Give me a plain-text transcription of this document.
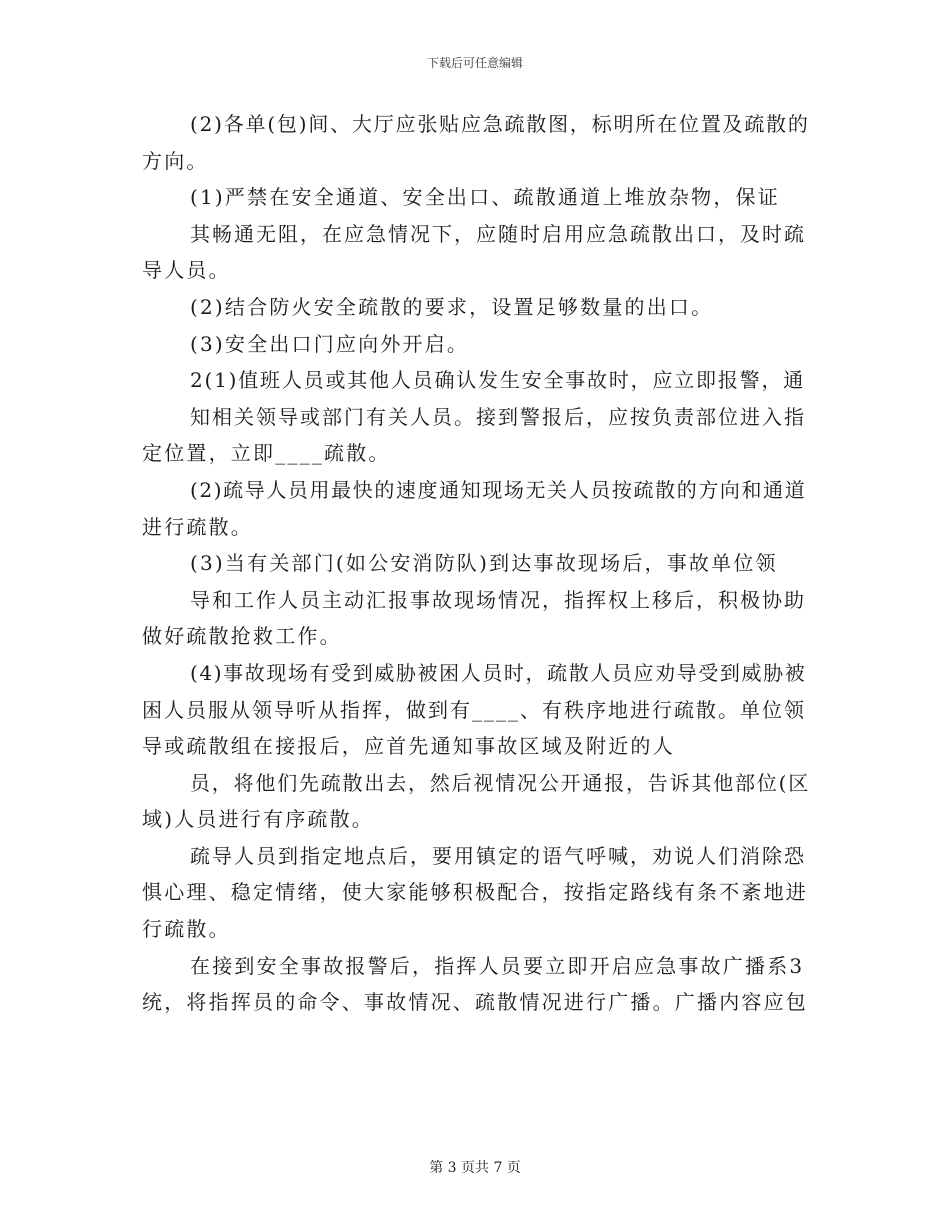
下载后可任意编辑
(2)各单(包)间、大厅应张贴应急疏散图，标明所在位置及疏散的
方向。
(1)严禁在安全通道、安全出口、疏散通道上堆放杂物，保证
其畅通无阻，在应急情况下，应随时启用应急疏散出口，及时疏
导人员。
(2)结合防火安全疏散的要求，设置足够数量的出口。
(3)安全出口门应向外开启。
2(1)值班人员或其他人员确认发生安全事故时，应立即报警，通
知相关领导或部门有关人员。接到警报后，应按负责部位进入指
定位置，立即____疏散。
(2)疏导人员用最快的速度通知现场无关人员按疏散的方向和通道
进行疏散。
(3)当有关部门(如公安消防队)到达事故现场后，事故单位领
导和工作人员主动汇报事故现场情况，指挥权上移后，积极协助
做好疏散抢救工作。
(4)事故现场有受到威胁被困人员时，疏散人员应劝导受到威胁被
困人员服从领导听从指挥，做到有____、有秩序地进行疏散。单位领
导或疏散组在接报后，应首先通知事故区域及附近的人
员，将他们先疏散出去，然后视情况公开通报，告诉其他部位(区
域)人员进行有序疏散。
疏导人员到指定地点后，要用镇定的语气呼喊，劝说人们消除恐
惧心理、稳定情绪，使大家能够积极配合，按指定路线有条不紊地进
行疏散。
在接到安全事故报警后，指挥人员要立即开启应急事故广播系3
统，将指挥员的命令、事故情况、疏散情况进行广播。广播内容应包
第 3 页共 7 页
